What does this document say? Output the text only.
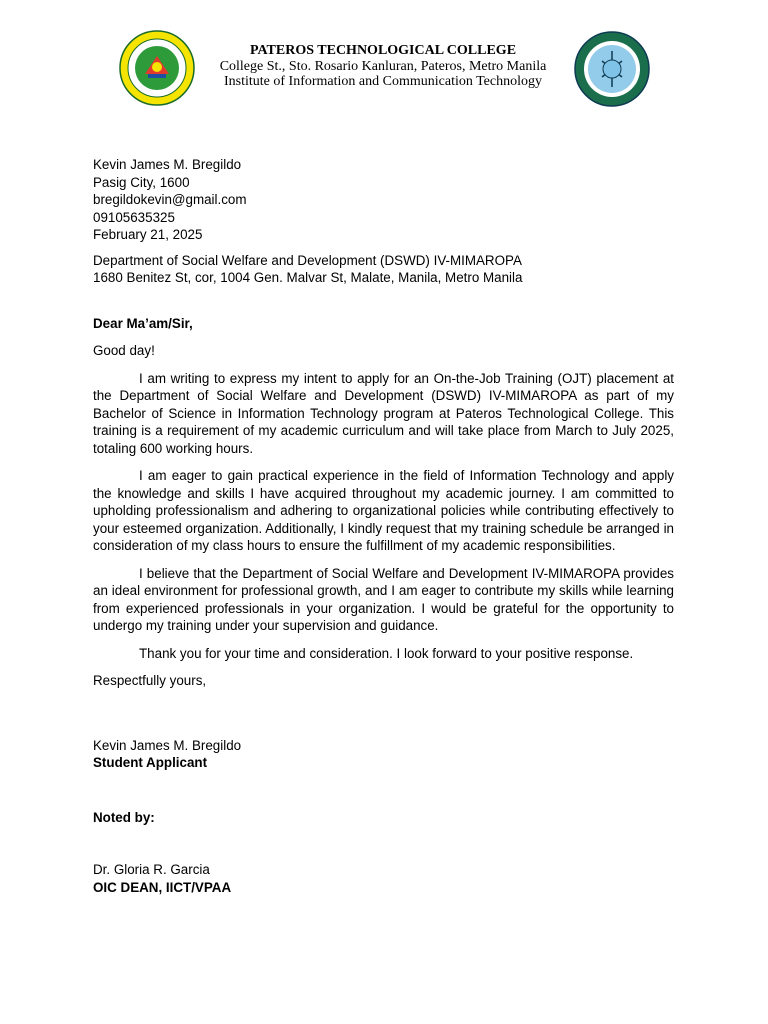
PATEROS TECHNOLOGICAL COLLEGE
College St., Sto. Rosario Kanluran, Pateros, Metro Manila
Institute of Information and Communication Technology

Kevin James M. Bregildo

Pasig City, 1600

bregildokevin@gmail.com

09105635325

February 21, 2025

Department of Social Welfare and Development (DSWD) IV-MIMAROPA

1680 Benitez St, cor, 1004 Gen. Malvar St, Malate, Manila, Metro Manila

Dear Ma’am/Sir,

Good day!

I am writing to express my intent to apply for an On-the-Job Training (OJT) placement at the Department of Social Welfare and Development (DSWD) IV-MIMAROPA as part of my Bachelor of Science in Information Technology program at Pateros Technological College. This training is a requirement of my academic curriculum and will take place from March to July 2025, totaling 600 working hours.

I am eager to gain practical experience in the field of Information Technology and apply the knowledge and skills I have acquired throughout my academic journey. I am committed to upholding professionalism and adhering to organizational policies while contributing effectively to your esteemed organization. Additionally, I kindly request that my training schedule be arranged in consideration of my class hours to ensure the fulfillment of my academic responsibilities.

I believe that the Department of Social Welfare and Development IV-MIMAROPA provides an ideal environment for professional growth, and I am eager to contribute my skills while learning from experienced professionals in your organization. I would be grateful for the opportunity to undergo my training under your supervision and guidance.

Thank you for your time and consideration. I look forward to your positive response.

Respectfully yours,

Kevin James M. Bregildo

Student Applicant

Noted by:

Dr. Gloria R. Garcia

OIC DEAN, IICT/VPAA
